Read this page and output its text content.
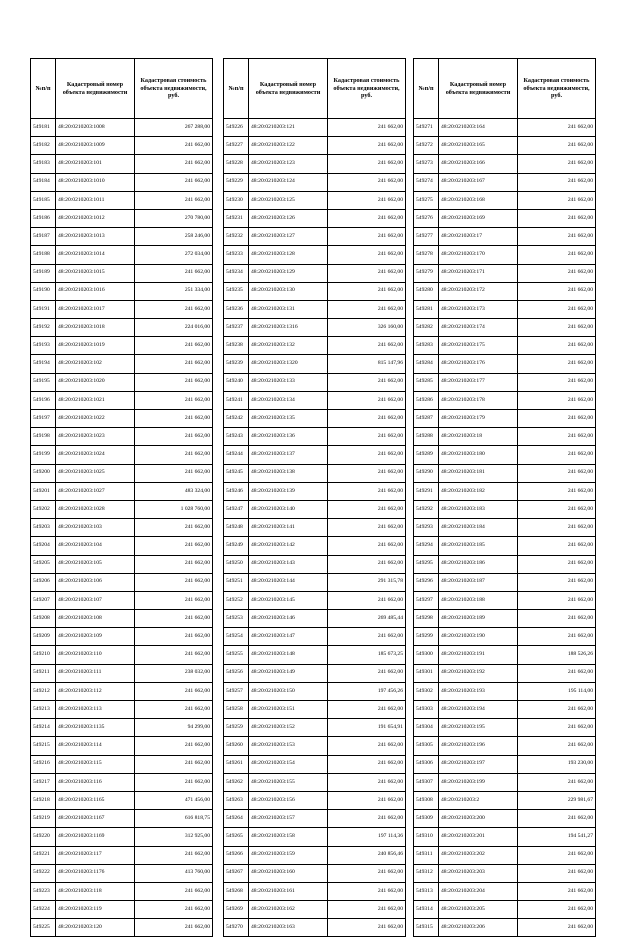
№п/п	Кадастровый номер объекта недвижимости	Кадастровая стоимость объекта недвижимости, руб.
549181	48:20:0210203:1008	267 288,00
549182	48:20:0210203:1009	241 662,00
549183	48:20:0210203:101	241 662,00
549184	48:20:0210203:1010	241 662,00
549185	48:20:0210203:1011	241 662,00
549186	48:20:0210203:1012	270 780,00
549187	48:20:0210203:1013	258 246,00
549188	48:20:0210203:1014	272 034,00
549189	48:20:0210203:1015	241 662,00
549190	48:20:0210203:1016	251 334,00
549191	48:20:0210203:1017	241 662,00
549192	48:20:0210203:1018	224 016,00
549193	48:20:0210203:1019	241 662,00
549194	48:20:0210203:102	241 662,00
549195	48:20:0210203:1020	241 662,00
549196	48:20:0210203:1021	241 662,00
549197	48:20:0210203:1022	241 662,00
549198	48:20:0210203:1023	241 662,00
549199	48:20:0210203:1024	241 662,00
549200	48:20:0210203:1025	241 662,00
549201	48:20:0210203:1027	483 324,00
549202	48:20:0210203:1028	1 028 760,00
549203	48:20:0210203:103	241 662,00
549204	48:20:0210203:104	241 662,00
549205	48:20:0210203:105	241 662,00
549206	48:20:0210203:106	241 662,00
549207	48:20:0210203:107	241 662,00
549208	48:20:0210203:108	241 662,00
549209	48:20:0210203:109	241 662,00
549210	48:20:0210203:110	241 662,00
549211	48:20:0210203:111	238 032,00
549212	48:20:0210203:112	241 662,00
549213	48:20:0210203:113	241 662,00
549214	48:20:0210203:1135	94 299,00
549215	48:20:0210203:114	241 662,00
549216	48:20:0210203:115	241 662,00
549217	48:20:0210203:116	241 662,00
549218	48:20:0210203:1165	471 456,00
549219	48:20:0210203:1167	616 818,75
549220	48:20:0210203:1169	312 925,00
549221	48:20:0210203:117	241 662,00
549222	48:20:0210203:1176	413 760,00
549223	48:20:0210203:118	241 662,00
549224	48:20:0210203:119	241 662,00
549225	48:20:0210203:120	241 662,00
№п/п	Кадастровый номер объекта недвижимости	Кадастровая стоимость объекта недвижимости, руб.
549226	48:20:0210203:121	241 662,00
549227	48:20:0210203:122	241 662,00
549228	48:20:0210203:123	241 662,00
549229	48:20:0210203:124	241 662,00
549230	48:20:0210203:125	241 662,00
549231	48:20:0210203:126	241 662,00
549232	48:20:0210203:127	241 662,00
549233	48:20:0210203:128	241 662,00
549234	48:20:0210203:129	241 662,00
549235	48:20:0210203:130	241 662,00
549236	48:20:0210203:131	241 662,00
549237	48:20:0210203:1316	326 160,00
549238	48:20:0210203:132	241 662,00
549239	48:20:0210203:1320	815 147,96
549240	48:20:0210203:133	241 662,00
549241	48:20:0210203:134	241 662,00
549242	48:20:0210203:135	241 662,00
549243	48:20:0210203:136	241 662,00
549244	48:20:0210203:137	241 662,00
549245	48:20:0210203:138	241 662,00
549246	48:20:0210203:139	241 662,00
549247	48:20:0210203:140	241 662,00
549248	48:20:0210203:141	241 662,00
549249	48:20:0210203:142	241 662,00
549250	48:20:0210203:143	241 662,00
549251	48:20:0210203:144	291 315,78
549252	48:20:0210203:145	241 662,00
549253	48:20:0210203:146	269 485,44
549254	48:20:0210203:147	241 662,00
549255	48:20:0210203:148	185 673,25
549256	48:20:0210203:149	241 662,00
549257	48:20:0210203:150	197 456,26
549258	48:20:0210203:151	241 662,00
549259	48:20:0210203:152	191 654,91
549260	48:20:0210203:153	241 662,00
549261	48:20:0210203:154	241 662,00
549262	48:20:0210203:155	241 662,00
549263	48:20:0210203:156	241 662,00
549264	48:20:0210203:157	241 662,00
549265	48:20:0210203:158	197 114,36
549266	48:20:0210203:159	240 856,46
549267	48:20:0210203:160	241 662,00
549268	48:20:0210203:161	241 662,00
549269	48:20:0210203:162	241 662,00
549270	48:20:0210203:163	241 662,00
№п/п	Кадастровый номер объекта недвижимости	Кадастровая стоимость объекта недвижимости, руб.
549271	48:20:0210203:164	241 662,00
549272	48:20:0210203:165	241 662,00
549273	48:20:0210203:166	241 662,00
549274	48:20:0210203:167	241 662,00
549275	48:20:0210203:168	241 662,00
549276	48:20:0210203:169	241 662,00
549277	48:20:0210203:17	241 662,00
549278	48:20:0210203:170	241 662,00
549279	48:20:0210203:171	241 662,00
549280	48:20:0210203:172	241 662,00
549281	48:20:0210203:173	241 662,00
549282	48:20:0210203:174	241 662,00
549283	48:20:0210203:175	241 662,00
549284	48:20:0210203:176	241 662,00
549285	48:20:0210203:177	241 662,00
549286	48:20:0210203:178	241 662,00
549287	48:20:0210203:179	241 662,00
549288	48:20:0210203:18	241 662,00
549289	48:20:0210203:180	241 662,00
549290	48:20:0210203:181	241 662,00
549291	48:20:0210203:182	241 662,00
549292	48:20:0210203:183	241 662,00
549293	48:20:0210203:184	241 662,00
549294	48:20:0210203:185	241 662,00
549295	48:20:0210203:186	241 662,00
549296	48:20:0210203:187	241 662,00
549297	48:20:0210203:188	241 662,00
549298	48:20:0210203:189	241 662,00
549299	48:20:0210203:190	241 662,00
549300	48:20:0210203:191	188 526,26
549301	48:20:0210203:192	241 662,00
549302	48:20:0210203:193	195 114,00
549303	48:20:0210203:194	241 662,00
549304	48:20:0210203:195	241 662,00
549305	48:20:0210203:196	241 662,00
549306	48:20:0210203:197	193 230,00
549307	48:20:0210203:199	241 662,00
549308	48:20:0210203:2	229 981,67
549309	48:20:0210203:200	241 662,00
549310	48:20:0210203:201	194 541,27
549311	48:20:0210203:202	241 662,00
549312	48:20:0210203:203	241 662,00
549313	48:20:0210203:204	241 662,00
549314	48:20:0210203:205	241 662,00
549315	48:20:0210203:206	241 662,00
